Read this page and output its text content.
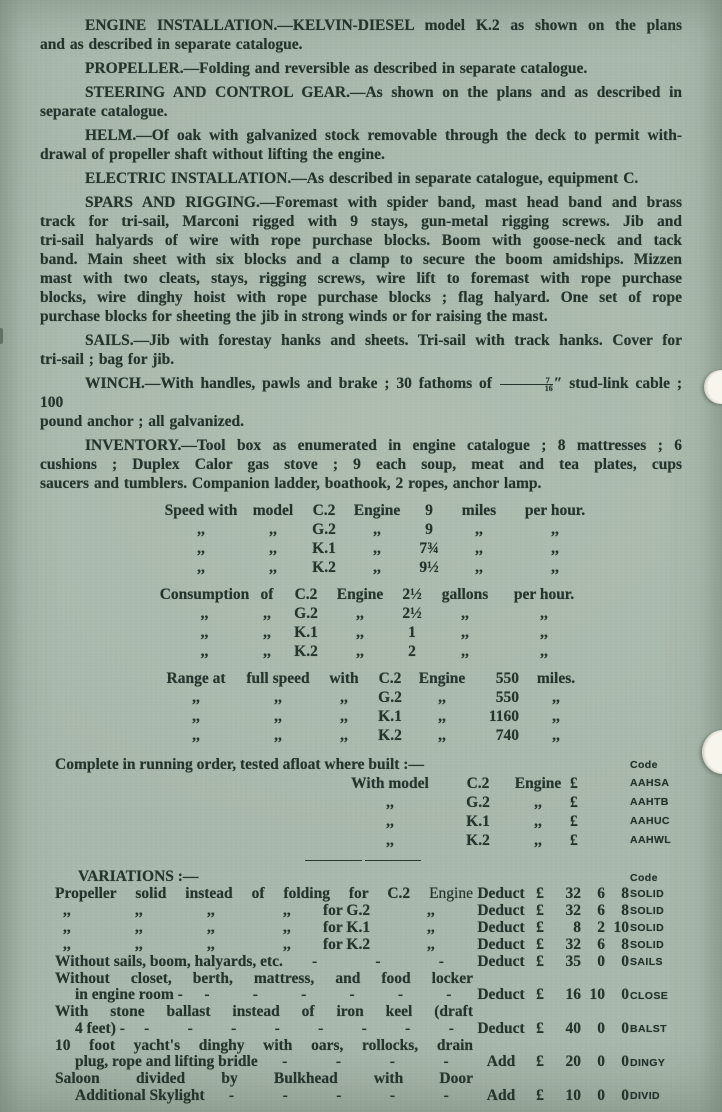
ENGINE INSTALLATION.—KELVIN-DIESEL model K.2 as shown on the plans
and as described in separate catalogue.
PROPELLER.—Folding and reversible as described in separate catalogue.
STEERING AND CONTROL GEAR.—As shown on the plans and as described in
separate catalogue.
HELM.—Of oak with galvanized stock removable through the deck to permit with-
drawal of propeller shaft without lifting the engine.
ELECTRIC INSTALLATION.—As described in separate catalogue, equipment C.
SPARS AND RIGGING.—Foremast with spider band, mast head band and brass
track for tri-sail, Marconi rigged with 9 stays, gun-metal rigging screws. Jib and
tri-sail halyards of wire with rope purchase blocks. Boom with goose-neck and tack
band. Main sheet with six blocks and a clamp to secure the boom amidships. Mizzen
mast with two cleats, stays, rigging screws, wire lift to foremast with rope purchase
blocks, wire dinghy hoist with rope purchase blocks ; flag halyard. One set of rope
purchase blocks for sheeting the jib in strong winds or for raising the mast.
SAILS.—Jib with forestay hanks and sheets. Tri-sail with track hanks. Cover for
tri-sail ; bag for jib.
WINCH.—With handles, pawls and brake ; 30 fathoms of $\frac{7}{16}$ ″ stud-link cable ; 100
pound anchor ; all galvanized.
INVENTORY.—Tool box as enumerated in engine catalogue ; 8 mattresses ; 6
cushions ; Duplex Calor gas stove ; 9 each soup, meat and tea plates, cups
saucers and tumblers. Companion ladder, boathook, 2 ropes, anchor lamp.
Speed with model	C.2	Engine	9	miles	per hour.
,,	,,	G.2	,,	9	,,	,,
,,	,,	K.1	,,	7¾	,,	,,
,,	,,	K.2	,,	9½	,,	,,
Consumption of	C.2	Engine	2½	gallons	per hour.
,,	,,	G.2	,,	2½	,,	,,
,,	,,	K.1	,,	1	,,	,,
,,	,,	K.2	,,	2	,,	,,
Range at	full speed	with	C.2	Engine	550	miles.
,,	,,	,,	G.2	,,	550	,,
,,	,,	,,	K.1	,,	1160	,,
,,	,,	,,	K.2	,,	740	,,
Complete in running order, tested afloat where built :—	Code
With model	C.2	Engine £	AAHSA
,,	G.2	,,	£	AAHTB
,,	K.1	,,	£	AAHUC
,,	K.2	,,	£	AAHWL
VARIATIONS :—	Code
Propeller solid instead of folding for C.2 Engine Deduct £	32	6	8 SOLID
,,	,,	,,	,, for G.2	,,	Deduct £	32	6	8 SOLID
,,	,,	,,	,, for K.1	,,	Deduct £	8	2 10 SOLID
,,	,,	,,	,, for K.2	,,	Deduct £	32	6	8 SOLID
Without sails, boom, halyards, etc.	-	-	-	Deduct £	35	0	0 SAILS
Without closet, berth, mattress, and food locker
in engine room -	-	-	-	-	-	-	Deduct £	16 10	0 CLOSE
With stone ballast instead of iron keel (draft
4 feet) -	-	-	-	-	-	-	-	-	Deduct £	40	0	0 BALST
10 foot yacht's dinghy with oars, rollocks, drain
plug, rope and lifting bridle	-	-	-	-	Add	£	20	0	0 DINGY
Saloon divided by Bulkhead with Door
Additional Skylight	-	-	-	-	-	Add	£	10	0	0 DIVID
